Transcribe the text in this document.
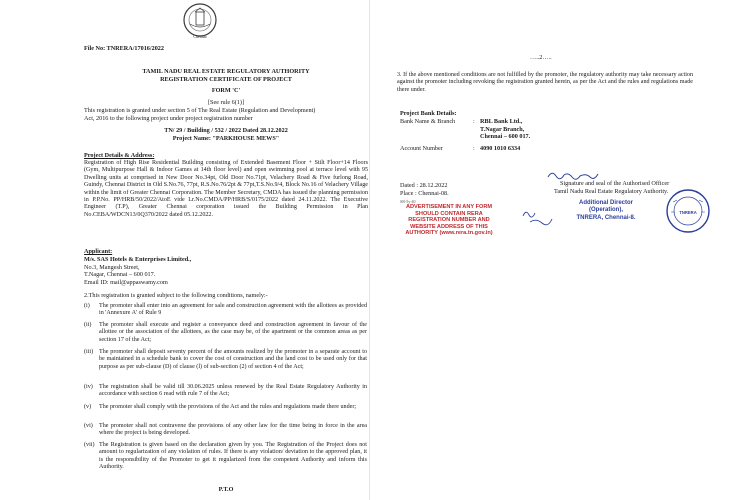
Chennai
File No: TNRERA/17016/2022
TAMIL NADU REAL ESTATE REGULATORY AUTHORITY
REGISTRATION CERTIFICATE OF PROJECT
FORM 'C'
[See rule 6(1)]
This registration is granted under section 5 of The Real Estate (Regulation and Development)
Act, 2016 to the following project under project registration number
TN/ 29 / Building / 532 / 2022 Dated 28.12.2022
Project Name: "PARKHOUSE MEWS"
Project Details & Address:
Registration of High Rise Residential Building consisting of Extended Basement Floor + Stilt Floor+14 Floors (Gym, Multipurpose Hall & Indoor Games at 14th floor level) and open swimming pool at terrace level with 95 Dwelling units at comprised in New Door No.34pt, Old Door No.71pt, Velachery Road & Five furlong Road, Guindy, Chennai District in Old S.No.76, 77pt, R.S.No.76/2pt & 77pt,T.S.No.9/4, Block No.16 of Velachery Village within the limit of Greater Chennai Corporation. The Member Secretary, CMDA has issued the planning permission in P.P.No. PP/HRB/50/2022/AtoE vide Lr.No.CMDA/PP/HRB/S/0175/2022 dated 24.11.2022. The Executive Engineer (T.P), Greater Chennai corporation issued the Building Permission in Plan No.CEBA/WDCN13/0Q370/2022 dated 05.12.2022.
Applicant:
M/s. SAS Hotels & Enterprises Limited.,
No.3, Mangesh Street,
T.Nagar, Chennai – 600 017.
Email ID: mail@appaswamy.com
2.This registration is granted subject to the following conditions, namely:-
(i)	The promoter shall enter into an agreement for sale and construction agreement with the allottees as provided in 'Annexure A' of Rule 9
(ii)	The promoter shall execute and register a conveyance deed and construction agreement in favour of the allottee or the association of the allottees, as the case may be, of the apartment or the common areas as per section 17 of the Act;
(iii) The promoter shall deposit seventy percent of the amounts realized by the promoter in a separate account to be maintained in a schedule bank to cover the cost of construction and the land cost to be used only for that purpose as per sub-clause (D) of clause (l) of sub-section (2) of section 4 of the Act;
(iv)	The registration shall be valid till 30.06.2025 unless renewed by the Real Estate Regulatory Authority in accordance with section 6 read with rule 7 of the Act;
(v)	The promoter shall comply with the provisions of the Act and the rules and regulations made there under;
(vi)	The promoter shall not contravene the provisions of any other law for the time being in force in the area where the project is being developed.
(vii) The Registration is given based on the declaration given by you. The Registration of the Project does not amount to regularization of any violation of rules. If there is any violation/ deviation to the approved plan, it is the responsibility of the Promoter to get it regularized from the competent Authority and inform this Authority.
P.T.O
…..2…..
3. If the above mentioned conditions are not fulfilled by the promoter, the regulatory authority may take necessary action against the promoter including revoking the registration granted herein, as per the Act and the rules and regulations made there under.
Project Bank Details:
Bank Name & Branch	: RBL Bank Ltd.,
T.Nagar Branch,
Chennai – 600 017.
Account Number	: 4090 1010 6334
Dated : 28.12.2022
Place : Chennai-08.
SR-5y-40
ADVERTISEMENT IN ANY FORM
SHOULD CONTAIN RERA
REGISTRATION NUMBER AND
WEBSITE ADDRESS OF THIS
AUTHORITY (www.rera.tn.gov.in)
Signature and seal of the Authorised Officer
Tamil Nadu Real Estate Regulatory Authority.
Additional Director
(Operation),
TNRERA, Chennai-8.
TNRERA
